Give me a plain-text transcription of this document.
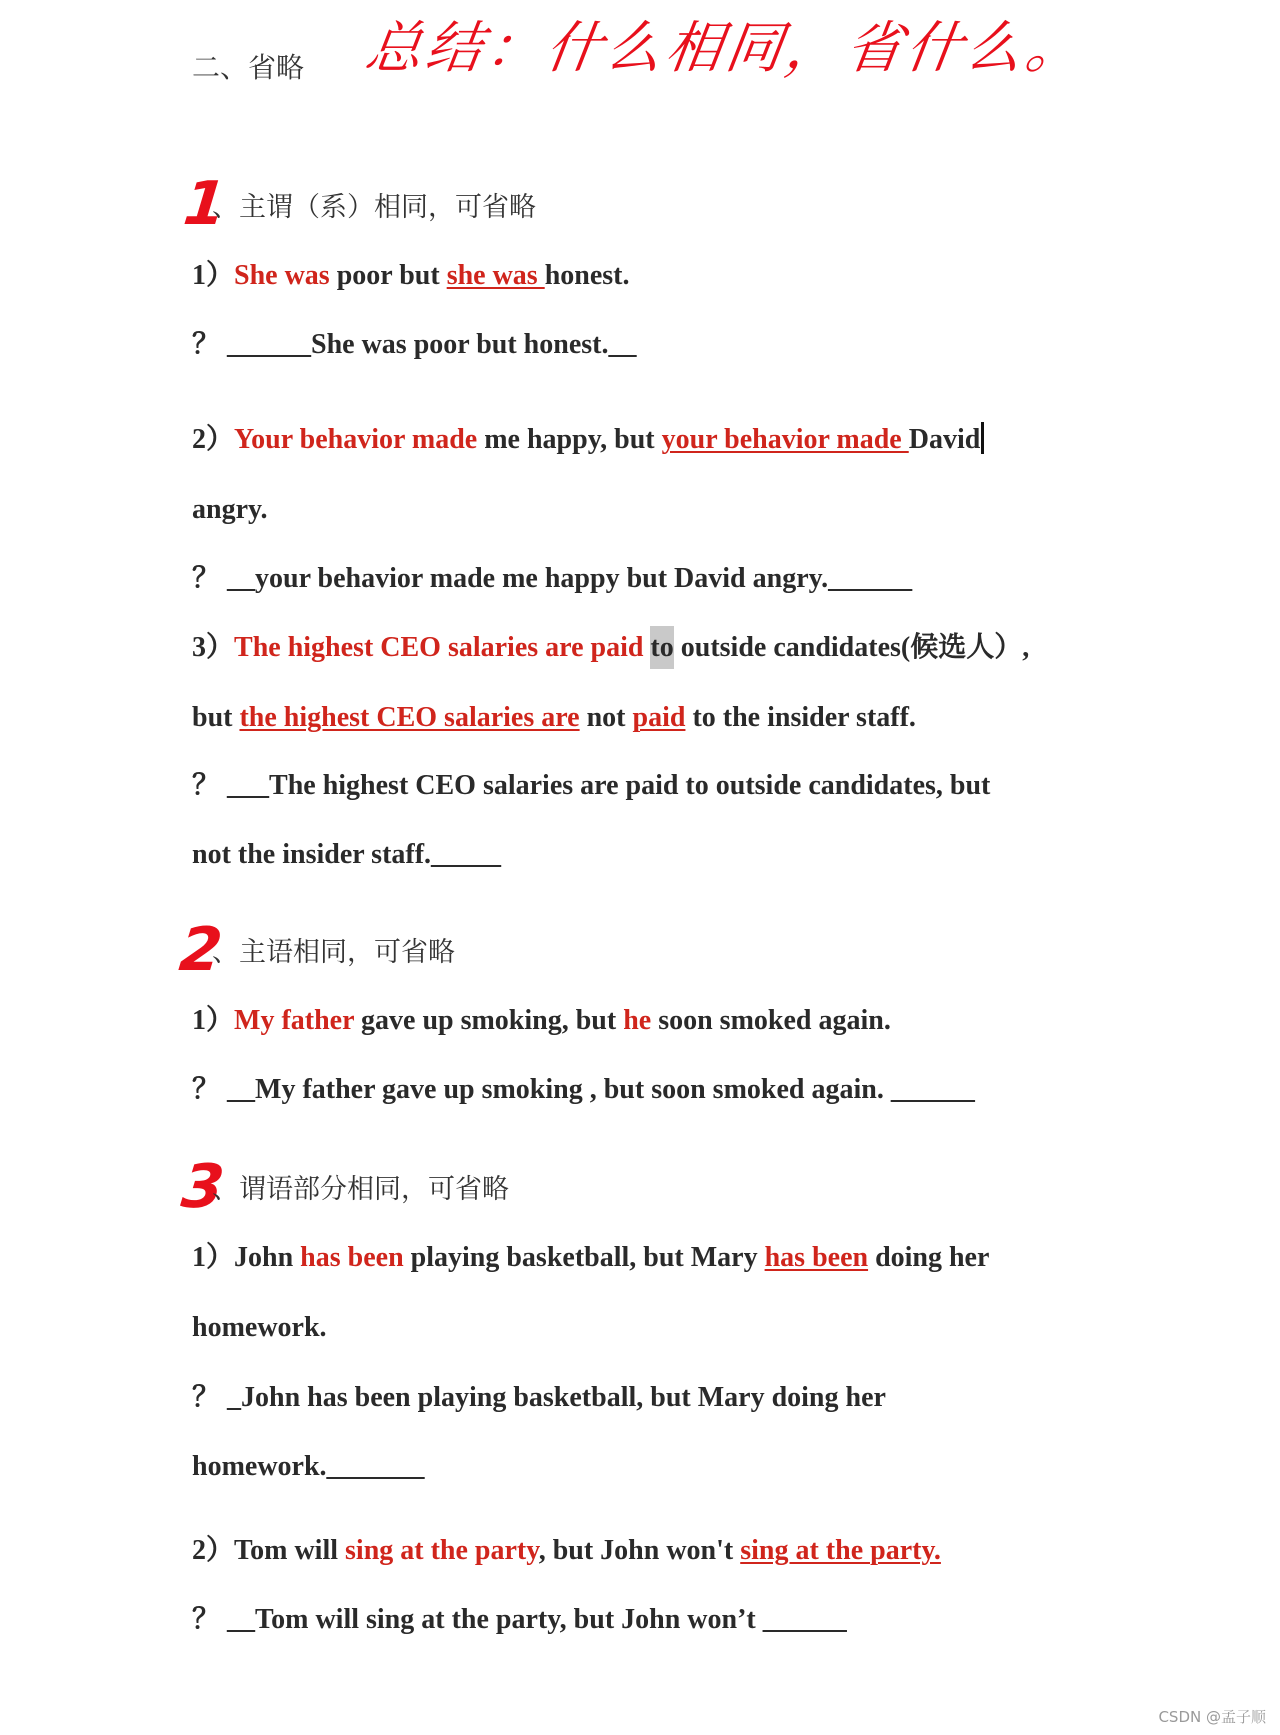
二、省略 总结：什么相同，省什么。
1
、主谓（系）相同，可省略
1）She was poor but she was honest.
？ ______She was poor but honest.__
2）Your behavior made me happy, but your behavior made David
angry.
？ __your behavior made me happy but David angry.______
3）The highest CEO salaries are paid to outside candidates(候选人）,
but the highest CEO salaries are not paid to the insider staff.
？ ___The highest CEO salaries are paid to outside candidates, but
not the insider staff._____
2
、主语相同，可省略
1）My father gave up smoking, but he soon smoked again.
？ __My father gave up smoking , but soon smoked again. ______
3
、谓语部分相同，可省略
1）John has been playing basketball, but Mary has been doing her
homework.
？ _John has been playing basketball, but Mary doing her
homework._______
2）Tom will sing at the party, but John won't sing at the party.
？ __Tom will sing at the party, but John won’t ______
CSDN @孟子顺
